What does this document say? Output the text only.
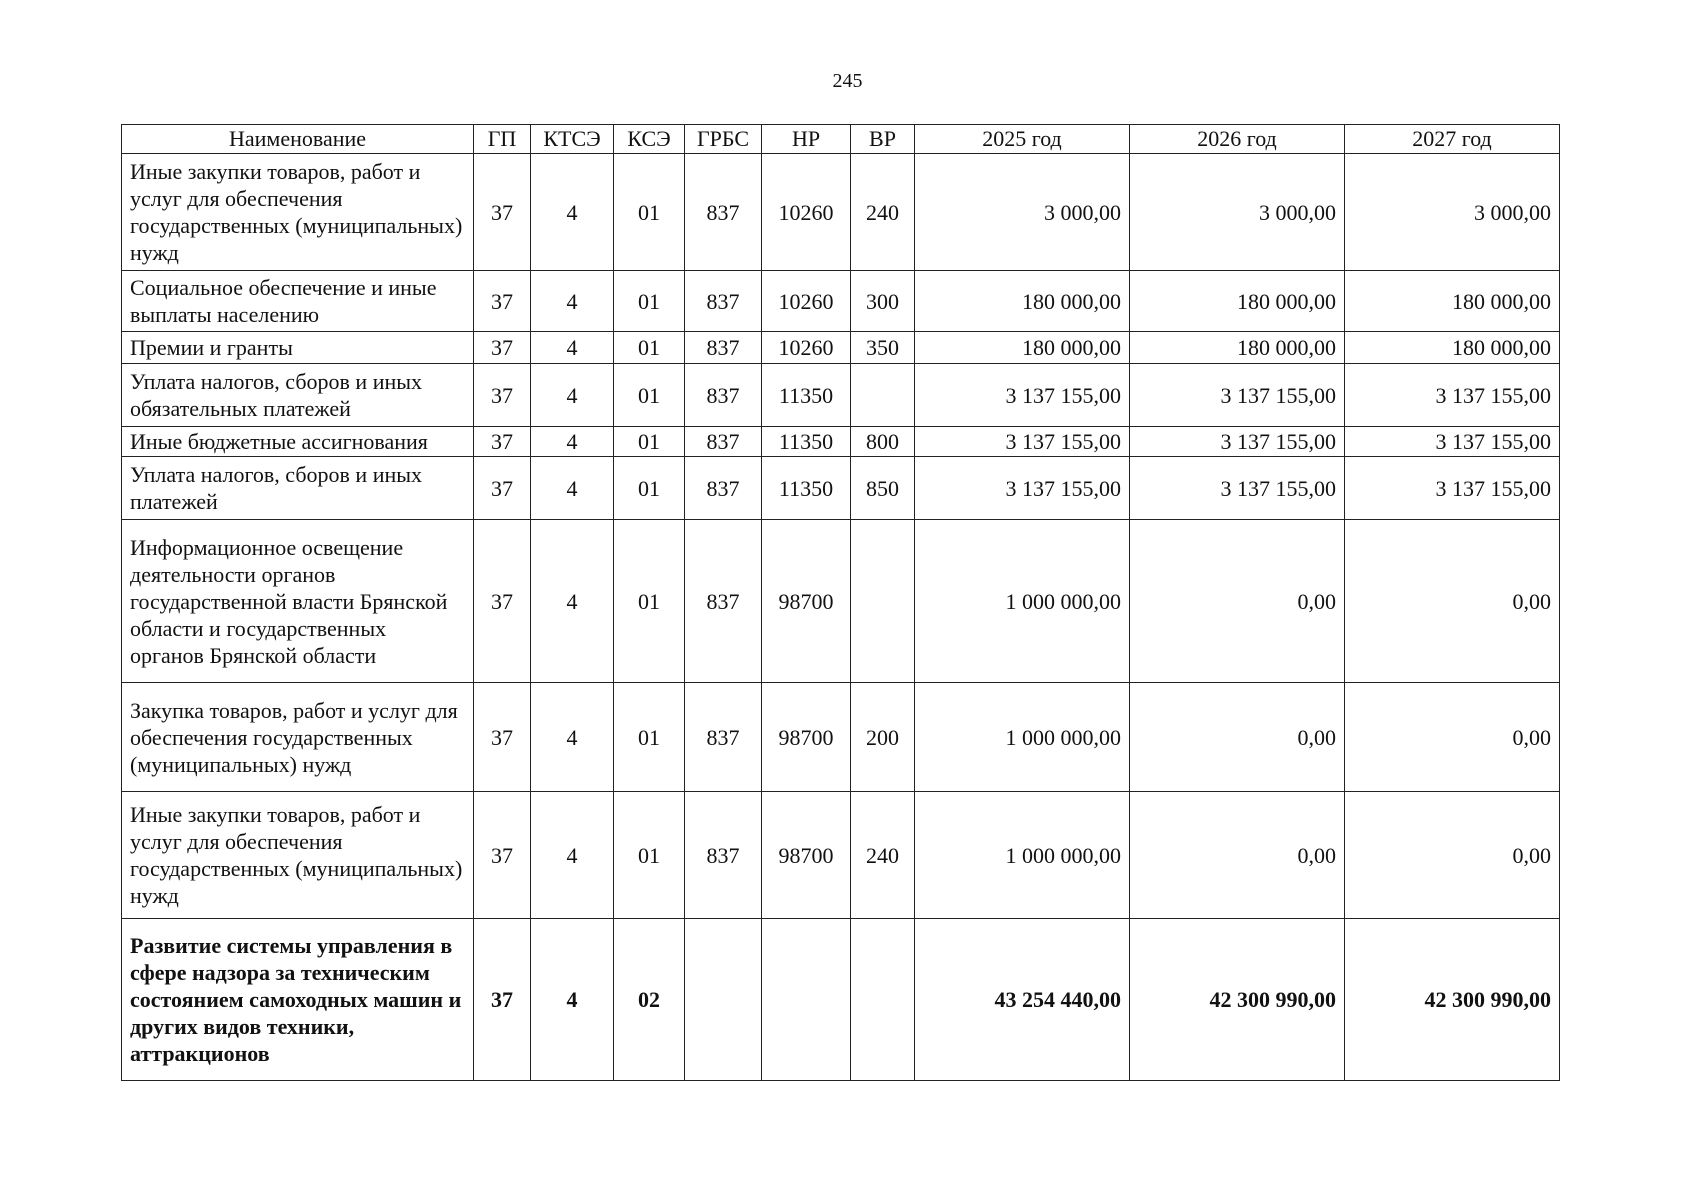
245
Наименование	ГП	КТСЭ	КСЭ	ГРБС	НР	ВР	2025 год	2026 год	2027 год
Иные закупки товаров, работ и услуг для обеспечения государственных (муниципальных) нужд	37	4	01	837	10260	240	3 000,00	3 000,00	3 000,00
Социальное обеспечение и иные выплаты населению	37	4	01	837	10260	300	180 000,00	180 000,00	180 000,00
Премии и гранты	37	4	01	837	10260	350	180 000,00	180 000,00	180 000,00
Уплата налогов, сборов и иных обязательных платежей	37	4	01	837	11350		3 137 155,00	3 137 155,00	3 137 155,00
Иные бюджетные ассигнования	37	4	01	837	11350	800	3 137 155,00	3 137 155,00	3 137 155,00
Уплата налогов, сборов и иных платежей	37	4	01	837	11350	850	3 137 155,00	3 137 155,00	3 137 155,00
Информационное освещение деятельности органов государственной власти Брянской области и государственных органов Брянской области	37	4	01	837	98700		1 000 000,00	0,00	0,00
Закупка товаров, работ и услуг для обеспечения государственных (муниципальных) нужд	37	4	01	837	98700	200	1 000 000,00	0,00	0,00
Иные закупки товаров, работ и услуг для обеспечения государственных (муниципальных) нужд	37	4	01	837	98700	240	1 000 000,00	0,00	0,00
Развитие системы управления в сфере надзора за техническим состоянием самоходных машин и других видов техники, аттракционов	37	4	02				43 254 440,00	42 300 990,00	42 300 990,00
